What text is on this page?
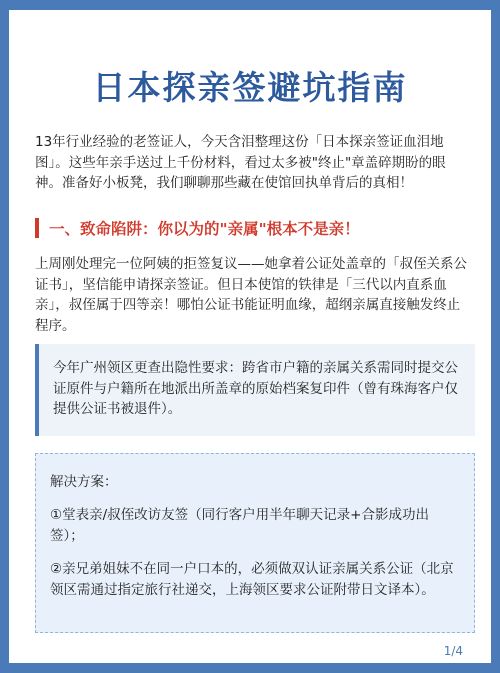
日本探亲签避坑指南

13年行业经验的老签证人，今天含泪整理这份「日本探亲签证血泪地图」。这些年亲手送过上千份材料，看过太多被"终止"章盖碎期盼的眼神。准备好小板凳，我们聊聊那些藏在使馆回执单背后的真相！

一、致命陷阱：你以为的"亲属"根本不是亲！

上周刚处理完一位阿姨的拒签复议——她拿着公证处盖章的「叔侄关系公证书」，坚信能申请探亲签证。但日本使馆的铁律是「三代以内直系血亲」，叔侄属于四等亲！哪怕公证书能证明血缘，超纲亲属直接触发终止程序。

今年广州领区更查出隐性要求：跨省市户籍的亲属关系需同时提交公证原件与户籍所在地派出所盖章的原始档案复印件（曾有珠海客户仅提供公证书被退件）。

解决方案：

①堂表亲/叔侄改访友签（同行客户用半年聊天记录+合影成功出签）；

②亲兄弟姐妹不在同一户口本的，必须做双认证亲属关系公证（北京领区需通过指定旅行社递交，上海领区要求公证附带日文译本）。

1/4
